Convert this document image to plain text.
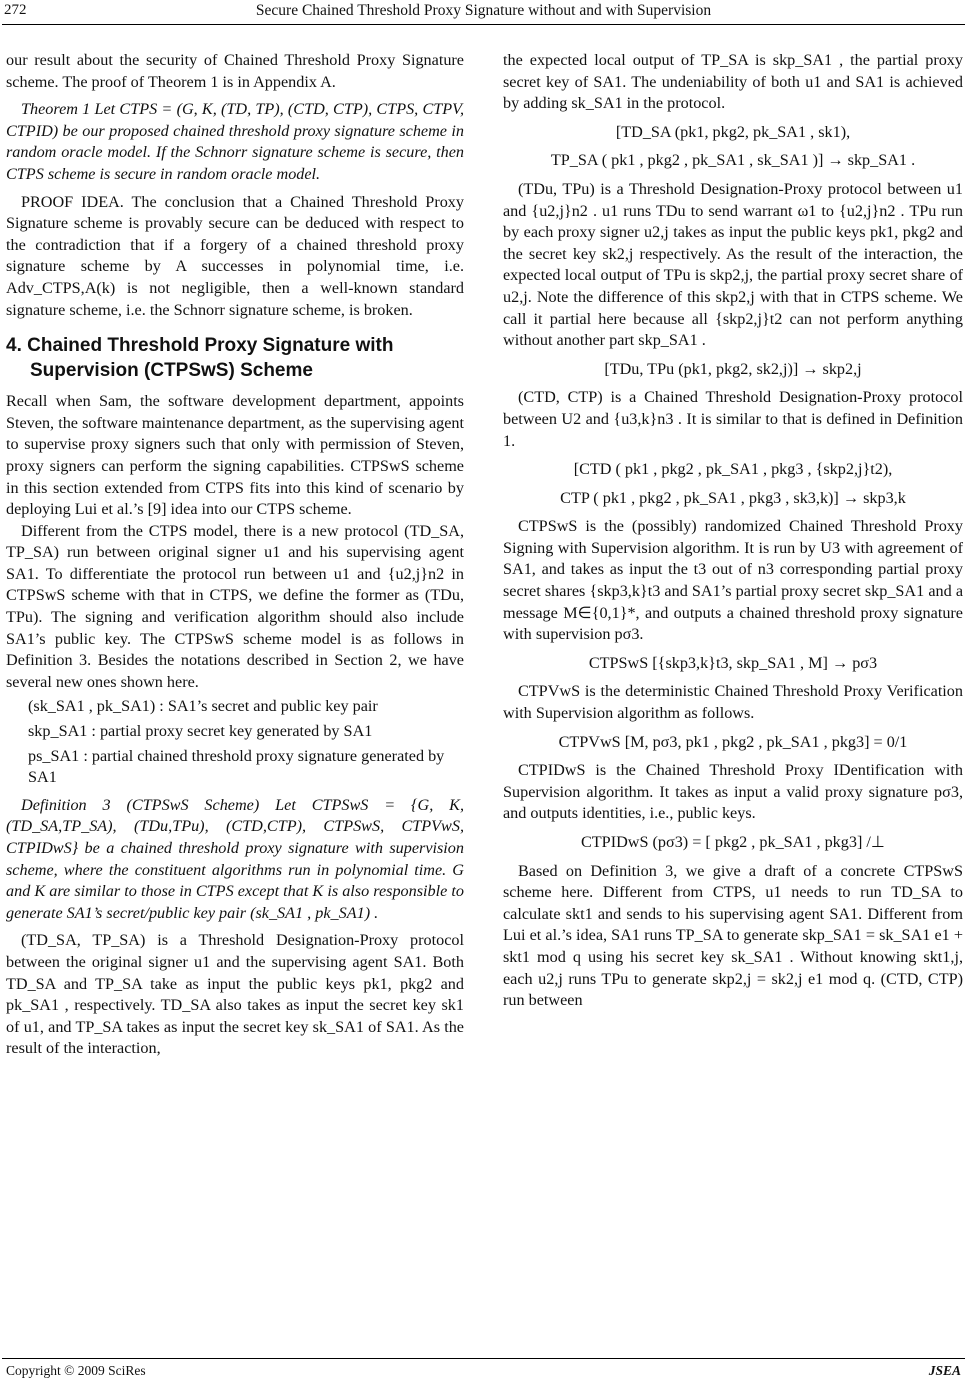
272	Secure Chained Threshold Proxy Signature without and with Supervision

our result about the security of Chained Threshold Proxy Signature scheme. The proof of Theorem 1 is in Appendix A.

Theorem 1 Let CTPS = (G, K, (TD, TP), (CTD, CTP), CTPS, CTPV, CTPID) be our proposed chained threshold proxy signature scheme in random oracle model. If the Schnorr signature scheme is secure, then CTPS scheme is secure in random oracle model.

PROOF IDEA. The conclusion that a Chained Threshold Proxy Signature scheme is provably secure can be deduced with respect to the contradiction that if a forgery of a chained threshold proxy signature scheme by A successes in polynomial time, i.e. Adv_CTPS,A(k) is not negligible, then a well-known standard signature scheme, i.e. the Schnorr signature scheme, is broken.

4. Chained Threshold Proxy Signature with Supervision (CTPSwS) Scheme

Recall when Sam, the software development department, appoints Steven, the software maintenance department, as the supervising agent to supervise proxy signers such that only with permission of Steven, proxy signers can perform the signing capabilities. CTPSwS scheme in this section extended from CTPS fits into this kind of scenario by deploying Lui et al.’s [9] idea into our CTPS scheme.

Different from the CTPS model, there is a new protocol (TD_SA, TP_SA) run between original signer u1 and his supervising agent SA1. To differentiate the protocol run between u1 and {u2,j}n2 in CTPSwS scheme with that in CTPS, we define the former as (TDu, TPu). The signing and verification algorithm should also include SA1’s public key. The CTPSwS scheme model is as follows in Definition 3. Besides the notations described in Section 2, we have several new ones shown here.

(sk_SA1 , pk_SA1) : SA1’s secret and public key pair

skp_SA1 : partial proxy secret key generated by SA1

ps_SA1 : partial chained threshold proxy signature generated by SA1

Definition 3 (CTPSwS Scheme) Let CTPSwS = {G, K, (TD_SA,TP_SA), (TDu,TPu), (CTD,CTP), CTPSwS, CTPVwS, CTPIDwS} be a chained threshold proxy signature with supervision scheme, where the constituent algorithms run in polynomial time. G and K are similar to those in CTPS except that K is also responsible to generate SA1’s secret/public key pair (sk_SA1 , pk_SA1) .

(TD_SA, TP_SA) is a Threshold Designation-Proxy protocol between the original signer u1 and the supervising agent SA1. Both TD_SA and TP_SA take as input the public keys pk1, pkg2 and pk_SA1 , respectively. TD_SA also takes as input the secret key sk1 of u1, and TP_SA takes as input the secret key sk_SA1 of SA1. As the result of the interaction,

the expected local output of TP_SA is skp_SA1 , the partial proxy secret key of SA1. The undeniability of both u1 and SA1 is achieved by adding sk_SA1 in the protocol.

[TD_SA (pk1, pkg2, pk_SA1 , sk1),

TP_SA ( pk1 , pkg2 , pk_SA1 , sk_SA1 )] → skp_SA1 .

(TDu, TPu) is a Threshold Designation-Proxy protocol between u1 and {u2,j}n2 . u1 runs TDu to send warrant ω1 to {u2,j}n2 . TPu run by each proxy signer u2,j takes as input the public keys pk1, pkg2 and the secret key sk2,j respectively. As the result of the interaction, the expected local output of TPu is skp2,j, the partial proxy secret share of u2,j. Note the difference of this skp2,j with that in CTPS scheme. We call it partial here because all {skp2,j}t2 can not perform anything without another part skp_SA1 .

[TDu, TPu (pk1, pkg2, sk2,j)] → skp2,j

(CTD, CTP) is a Chained Threshold Designation-Proxy protocol between U2 and {u3,k}n3 . It is similar to that is defined in Definition 1.

[CTD ( pk1 , pkg2 , pk_SA1 , pkg3 , {skp2,j}t2),

CTP ( pk1 , pkg2 , pk_SA1 , pkg3 , sk3,k)] → skp3,k

CTPSwS is the (possibly) randomized Chained Threshold Proxy Signing with Supervision algorithm. It is run by U3 with agreement of SA1, and takes as input the t3 out of n3 corresponding partial proxy secret shares {skp3,k}t3 and SA1’s partial proxy secret skp_SA1 and a message M∈{0,1}*, and outputs a chained threshold proxy signature with supervision pσ3.

CTPSwS [{skp3,k}t3, skp_SA1 , M] → pσ3

CTPVwS is the deterministic Chained Threshold Proxy Verification with Supervision algorithm as follows.

CTPVwS [M, pσ3, pk1 , pkg2 , pk_SA1 , pkg3] = 0/1

CTPIDwS is the Chained Threshold Proxy IDentification with Supervision algorithm. It takes as input a valid proxy signature pσ3, and outputs identities, i.e., public keys.

CTPIDwS (pσ3) = [ pkg2 , pk_SA1 , pkg3] /⊥

Based on Definition 3, we give a draft of a concrete CTPSwS scheme here. Different from CTPS, u1 needs to run TD_SA to calculate skt1 and sends to his supervising agent SA1. Different from Lui et al.’s idea, SA1 runs TP_SA to generate skp_SA1 = sk_SA1 e1 + skt1 mod q using his secret key sk_SA1 . Without knowing skt1,j, each u2,j runs TPu to generate skp2,j = sk2,j e1 mod q. (CTD, CTP) run between

Copyright © 2009 SciRes	JSEA
